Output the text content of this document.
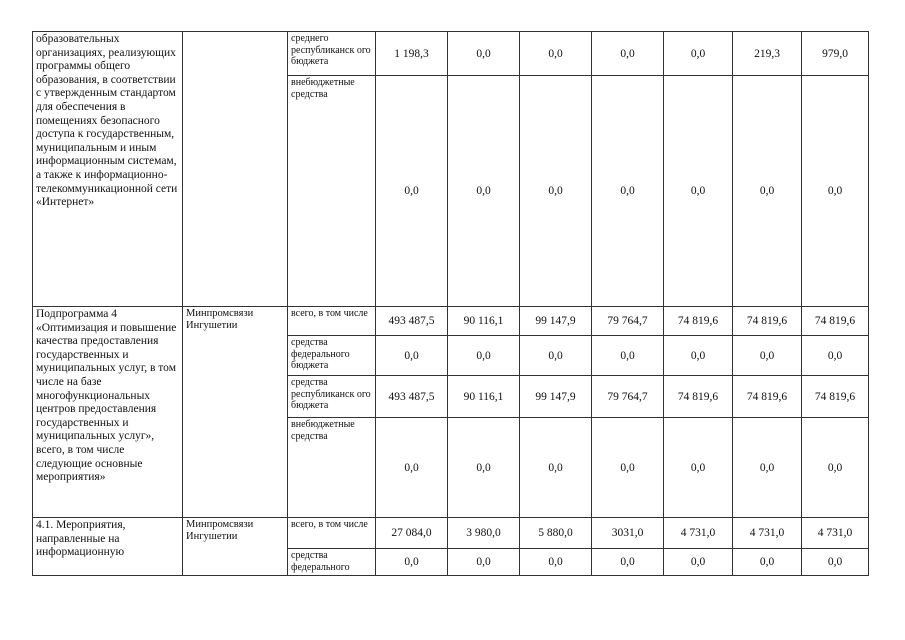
образовательных организациях, реализующих программы общего образования, в соответствии с утвержденным стандартом для обеспечения в помещениях безопасного доступа к государственным, муниципальным и иным информационным системам, а также к информационно-телекоммуникационной сети «Интернет»		среднего республиканск ого бюджета	1 198,3	0,0	0,0	0,0	0,0	219,3	979,0
		внебюджетные средства	0,0	0,0	0,0	0,0	0,0	0,0	0,0
Подпрограмма 4 «Оптимизация и повышение качества предоставления государственных и муниципальных услуг, в том числе на базе многофункциональных центров предоставления государственных и муниципальных услуг», всего, в том числе следующие основные мероприятия»	Минпромсвязи Ингушетии	всего, в том числе	493 487,5	90 116,1	99 147,9	79 764,7	74 819,6	74 819,6	74 819,6
		средства федерального бюджета	0,0	0,0	0,0	0,0	0,0	0,0	0,0
		средства республиканск ого бюджета	493 487,5	90 116,1	99 147,9	79 764,7	74 819,6	74 819,6	74 819,6
		внебюджетные средства	0,0	0,0	0,0	0,0	0,0	0,0	0,0
4.1. Мероприятия, направленные на информационную	Минпромсвязи Ингушетии	всего, в том числе	27 084,0	3 980,0	5 880,0	3031,0	4 731,0	4 731,0	4 731,0
		средства федерального	0,0	0,0	0,0	0,0	0,0	0,0	0,0
